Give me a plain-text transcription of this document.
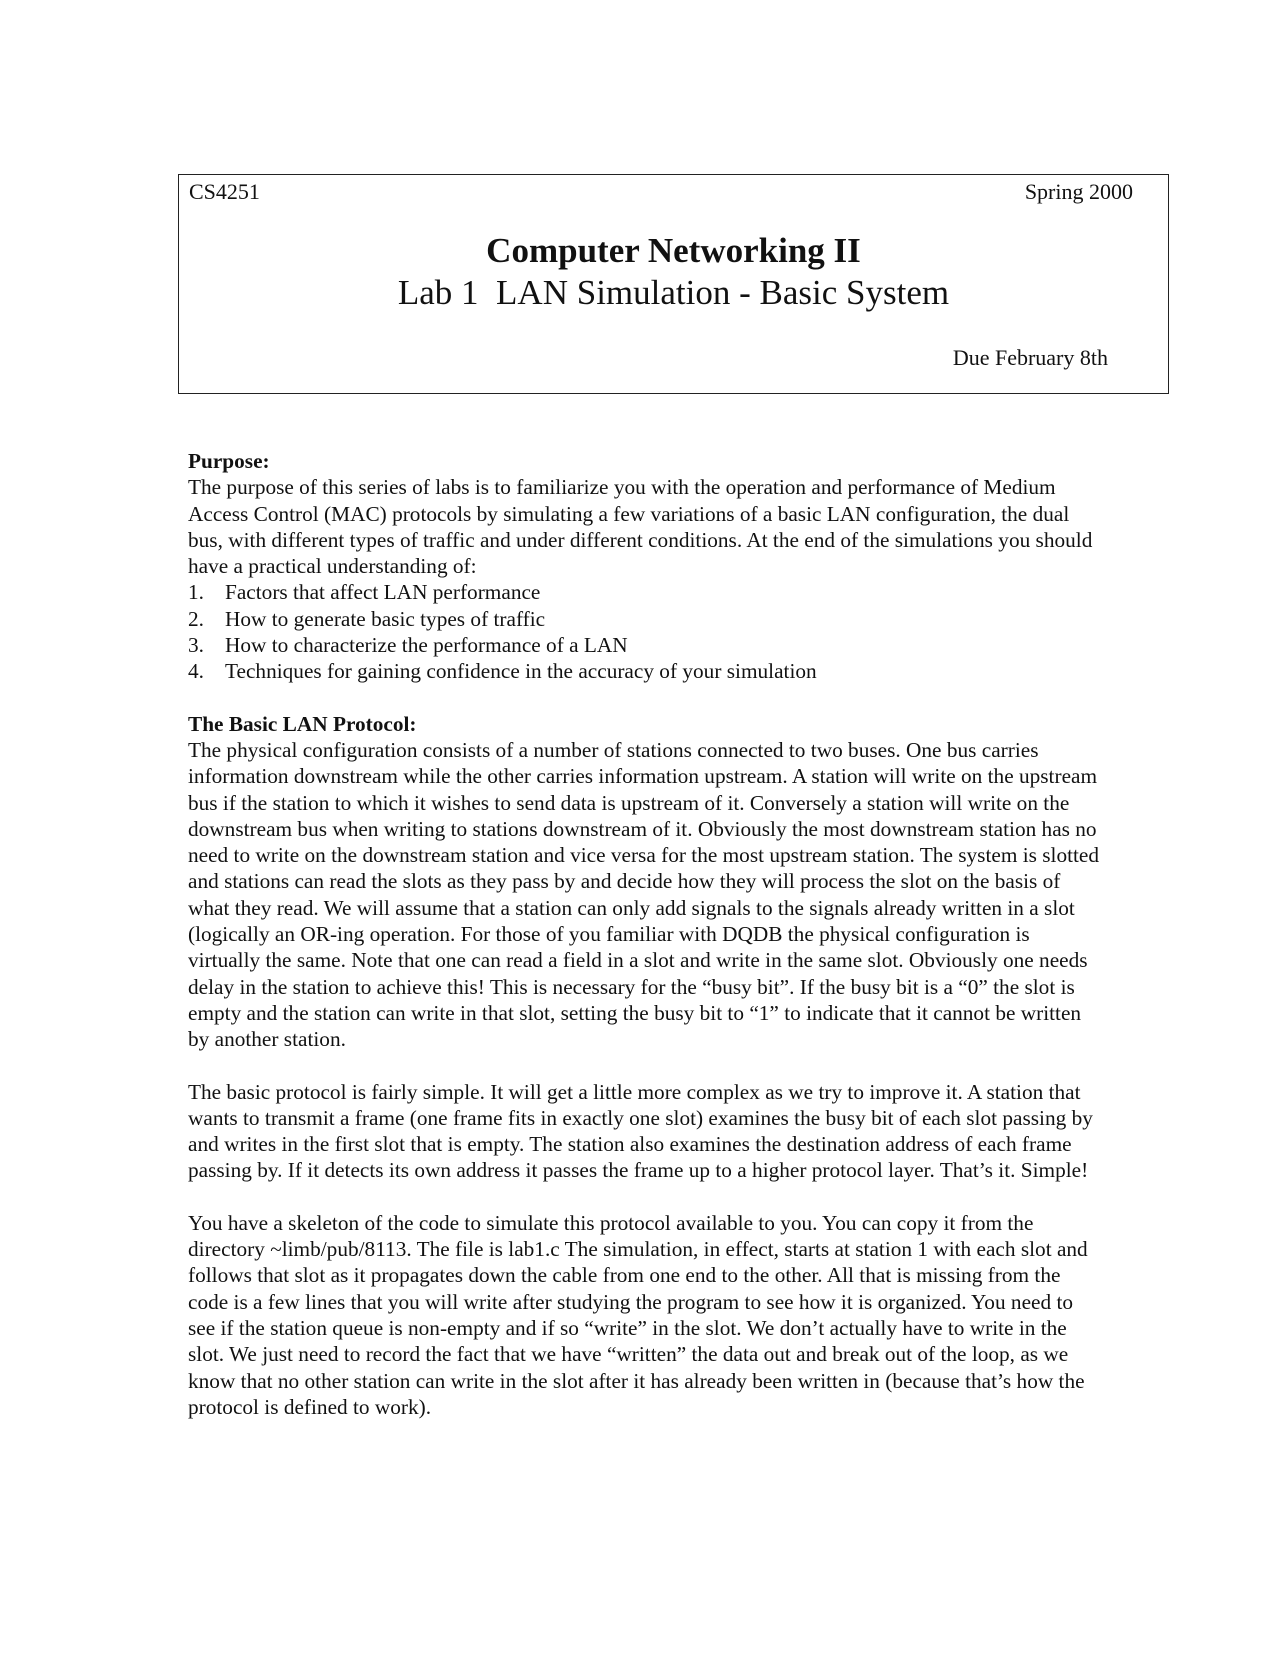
CS4251	Spring 2000
Computer Networking II
Lab 1  LAN Simulation - Basic System
Due February 8th
Purpose:
The purpose of this series of labs is to familiarize you with the operation and performance of Medium
Access Control (MAC) protocols by simulating a few variations of a basic LAN configuration, the dual
bus, with different types of traffic and under different conditions. At the end of the simulations you should
have a practical understanding of:
1. Factors that affect LAN performance
2. How to generate basic types of traffic
3. How to characterize the performance of a LAN
4. Techniques for gaining confidence in the accuracy of your simulation
The Basic LAN Protocol:
The physical configuration consists of a number of stations connected to two buses. One bus carries
information downstream while the other carries information upstream. A station will write on the upstream
bus if the station to which it wishes to send data is upstream of it. Conversely a station will write on the
downstream bus when writing to stations downstream of it. Obviously the most downstream station has no
need to write on the downstream station and vice versa for the most upstream station. The system is slotted
and stations can read the slots as they pass by and decide how they will process the slot on the basis of
what they read. We will assume that a station can only add signals to the signals already written in a slot
(logically an OR-ing operation. For those of you familiar with DQDB the physical configuration is
virtually the same. Note that one can read a field in a slot and write in the same slot. Obviously one needs
delay in the station to achieve this! This is necessary for the “busy bit”. If the busy bit is a “0” the slot is
empty and the station can write in that slot, setting the busy bit to “1” to indicate that it cannot be written
by another station.
The basic protocol is fairly simple. It will get a little more complex as we try to improve it. A station that
wants to transmit a frame (one frame fits in exactly one slot) examines the busy bit of each slot passing by
and writes in the first slot that is empty. The station also examines the destination address of each frame
passing by. If it detects its own address it passes the frame up to a higher protocol layer. That’s it. Simple!
You have a skeleton of the code to simulate this protocol available to you. You can copy it from the
directory ~limb/pub/8113. The file is lab1.c The simulation, in effect, starts at station 1 with each slot and
follows that slot as it propagates down the cable from one end to the other. All that is missing from the
code is a few lines that you will write after studying the program to see how it is organized. You need to
see if the station queue is non-empty and if so “write” in the slot. We don’t actually have to write in the
slot. We just need to record the fact that we have “written” the data out and break out of the loop, as we
know that no other station can write in the slot after it has already been written in (because that’s how the
protocol is defined to work).
